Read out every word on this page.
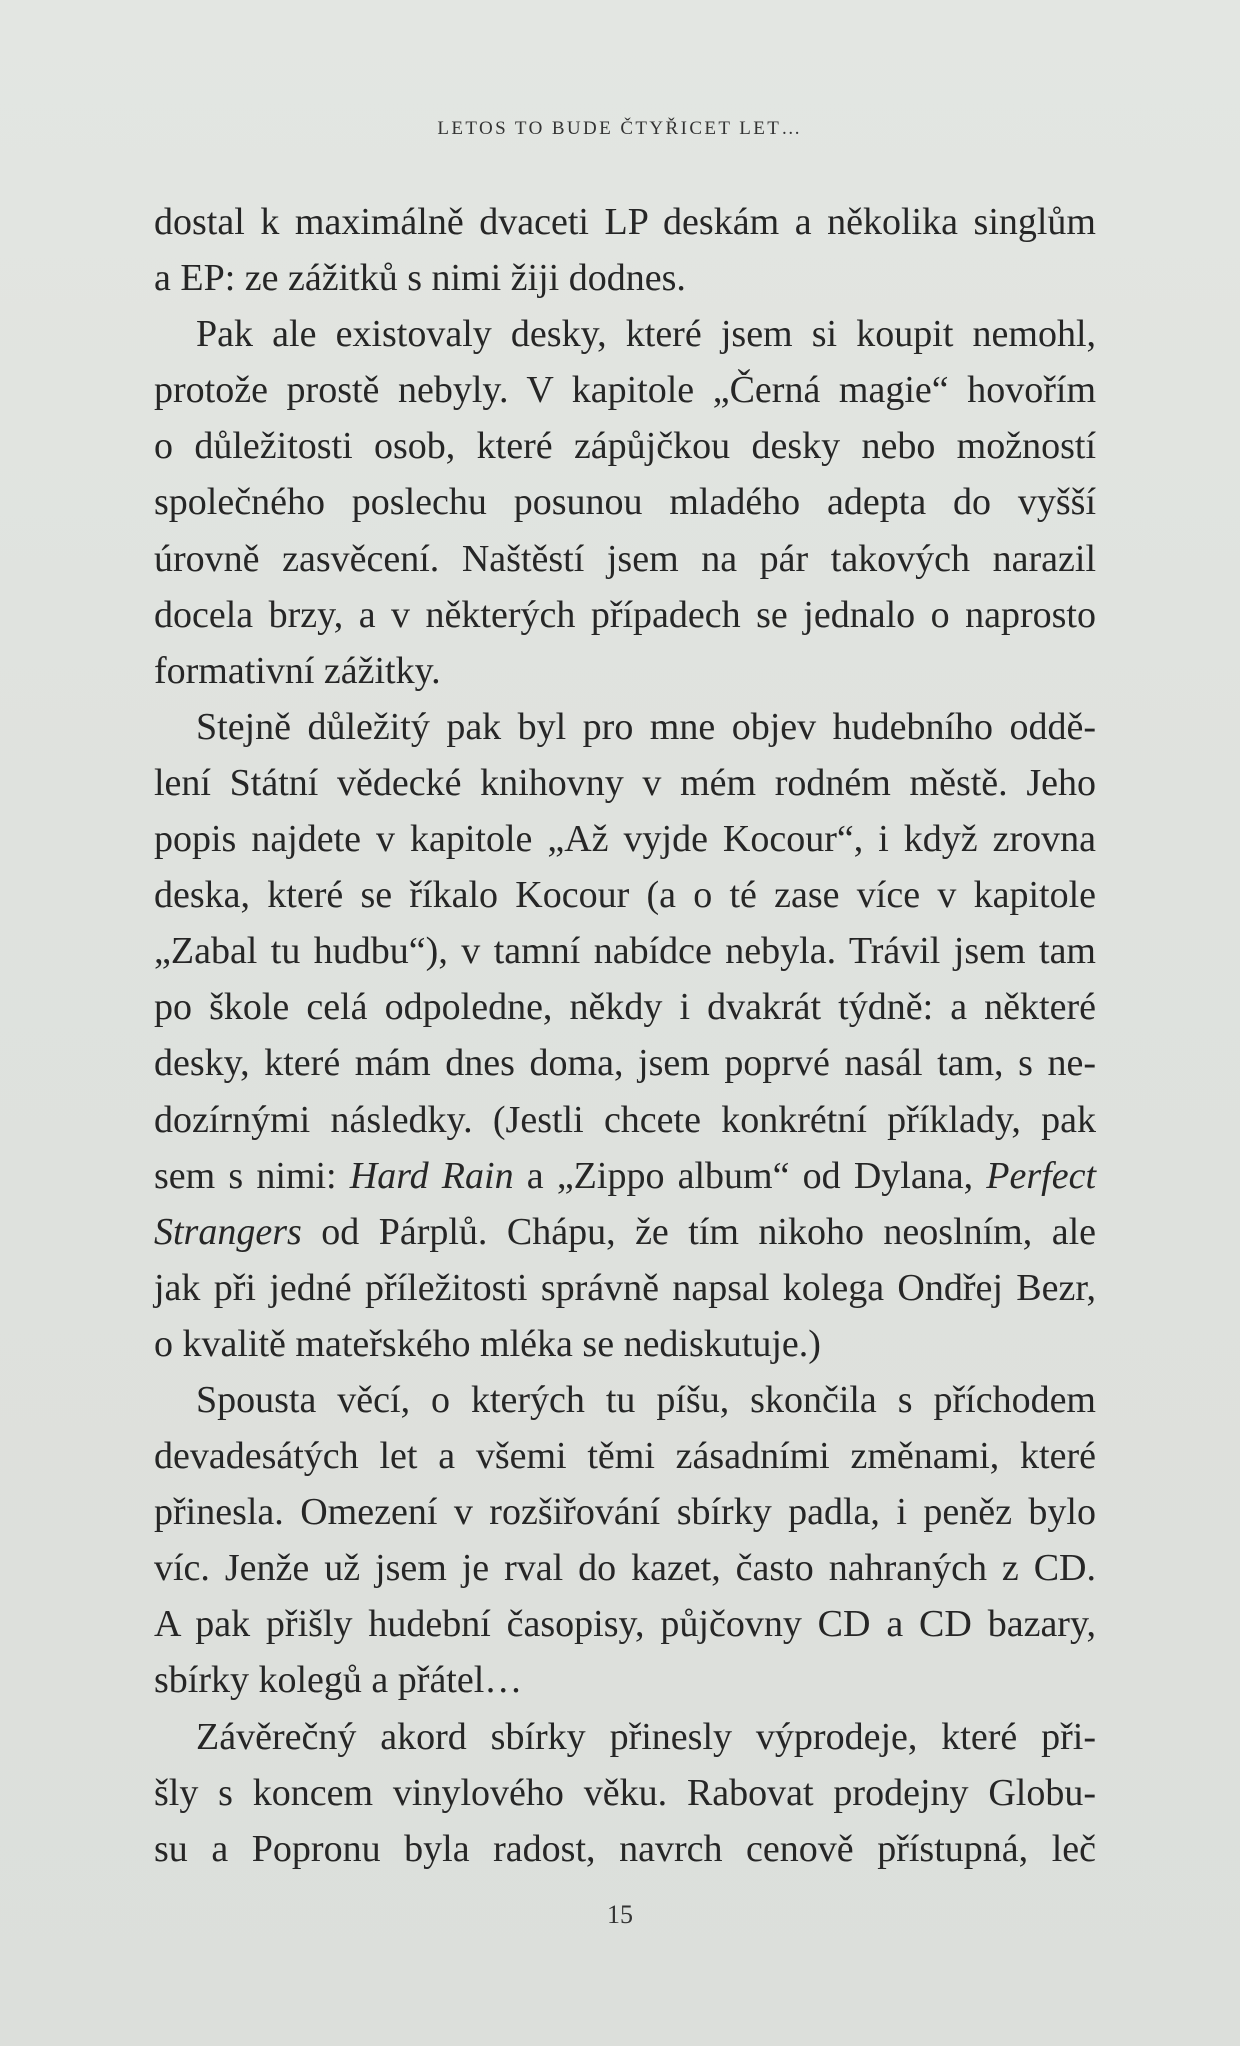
LETOS TO BUDE ČTYŘICET LET…
dostal k maximálně dvaceti LP deskám a několika singlům
a EP: ze zážitků s nimi žiji dodnes.
Pak ale existovaly desky, které jsem si koupit nemohl,
protože prostě nebyly. V kapitole „Černá magie“ hovořím
o důležitosti osob, které zápůjčkou desky nebo možností
společného poslechu posunou mladého adepta do vyšší
úrovně zasvěcení. Naštěstí jsem na pár takových narazil
docela brzy, a v některých případech se jednalo o naprosto
formativní zážitky.
Stejně důležitý pak byl pro mne objev hudebního oddě-
lení Státní vědecké knihovny v mém rodném městě. Jeho
popis najdete v kapitole „Až vyjde Kocour“, i když zrovna
deska, které se říkalo Kocour (a o té zase více v kapitole
„Zabal tu hudbu“), v tamní nabídce nebyla. Trávil jsem tam
po škole celá odpoledne, někdy i dvakrát týdně: a některé
desky, které mám dnes doma, jsem poprvé nasál tam, s ne-
dozírnými následky. (Jestli chcete konkrétní příklady, pak
sem s nimi: Hard Rain a „Zippo album“ od Dylana, Perfect
Strangers od Párplů. Chápu, že tím nikoho neoslním, ale
jak při jedné příležitosti správně napsal kolega Ondřej Bezr,
o kvalitě mateřského mléka se nediskutuje.)
Spousta věcí, o kterých tu píšu, skončila s příchodem
devadesátých let a všemi těmi zásadními změnami, které
přinesla. Omezení v rozšiřování sbírky padla, i peněz bylo
víc. Jenže už jsem je rval do kazet, často nahraných z CD.
A pak přišly hudební časopisy, půjčovny CD a CD bazary,
sbírky kolegů a přátel…
Závěrečný akord sbírky přinesly výprodeje, které při-
šly s koncem vinylového věku. Rabovat prodejny Globu-
su a Popronu byla radost, navrch cenově přístupná, leč
15
